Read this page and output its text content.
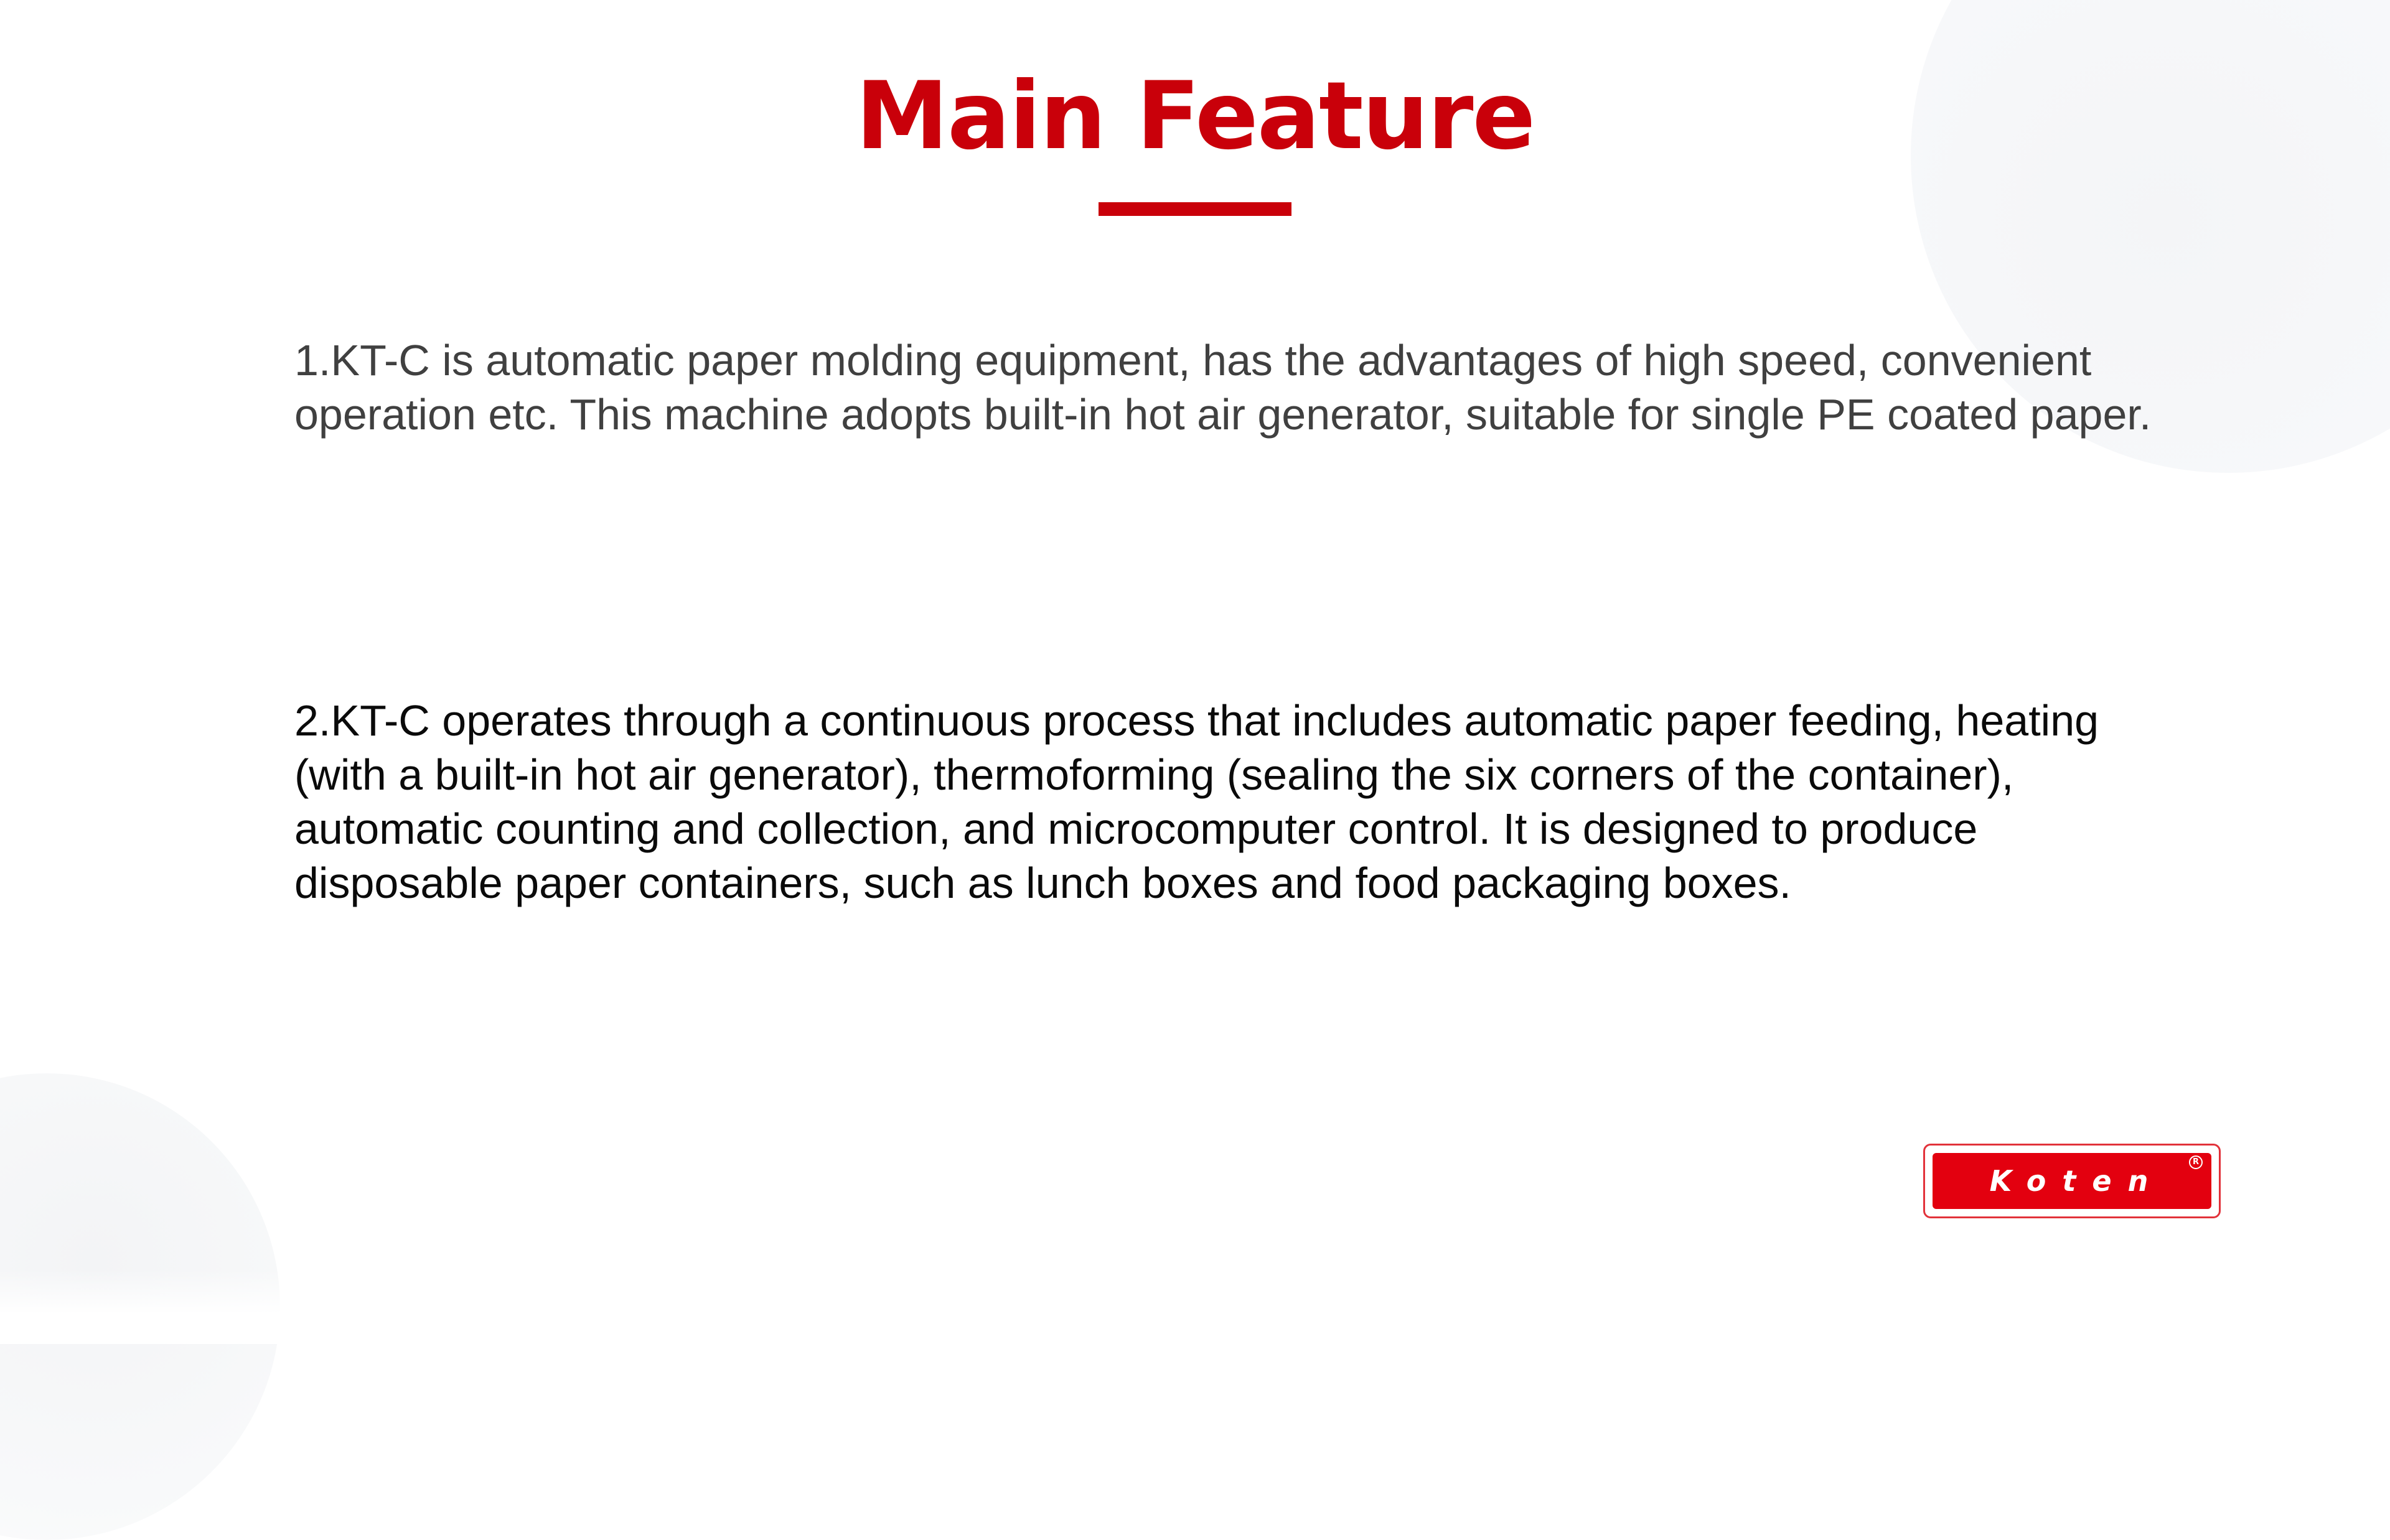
Main Feature

1.KT-C is automatic paper molding equipment, has the advantages of high speed, convenient operation etc. This machine adopts built-in hot air generator, suitable for single PE coated paper.

2.KT-C operates through a continuous process that includes automatic paper feeding, heating (with a built-in hot air generator), thermoforming (sealing the six corners of the container), automatic counting and collection, and microcomputer control. It is designed to produce disposable paper containers, such as lunch boxes and food packaging boxes.

Koten
R
